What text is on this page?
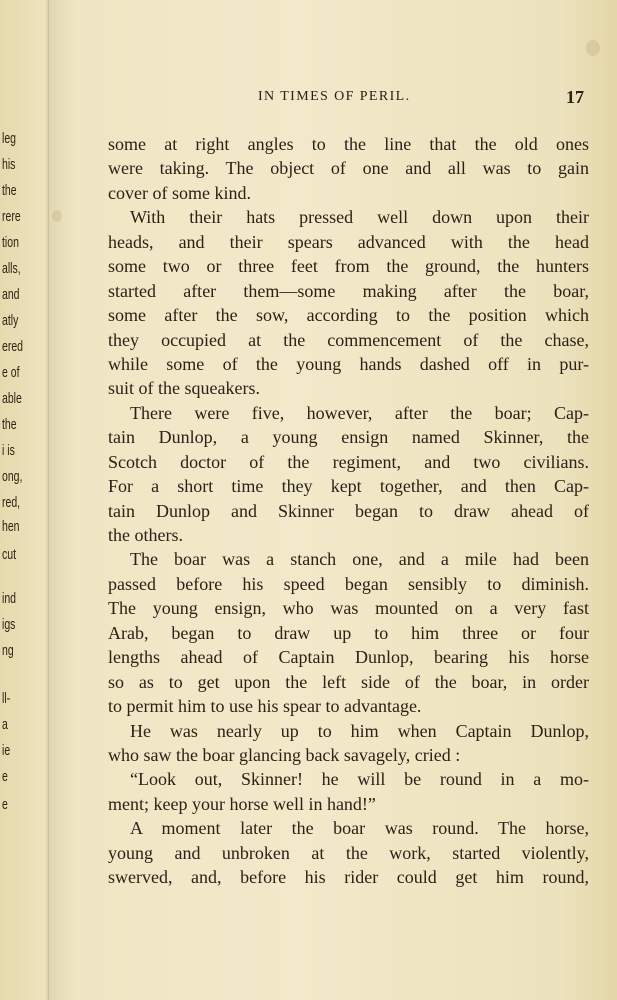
leg
his
the
rere
tion
alls,
and
atly
ered
e of
able
the
i is
ong,
red,
hen
cut
ind
igs
ng
ll-
a
ie
e
e
IN TIMES OF PERIL.	17
some at right angles to the line that the old ones
were taking. The object of one and all was to gain
cover of some kind.
With their hats pressed well down upon their
heads, and their spears advanced with the head
some two or three feet from the ground, the hunters
started after them—some making after the boar,
some after the sow, according to the position which
they occupied at the commencement of the chase,
while some of the young hands dashed off in pur-
suit of the squeakers.
There were five, however, after the boar; Cap-
tain Dunlop, a young ensign named Skinner, the
Scotch doctor of the regiment, and two civilians.
For a short time they kept together, and then Cap-
tain Dunlop and Skinner began to draw ahead of
the others.
The boar was a stanch one, and a mile had been
passed before his speed began sensibly to diminish.
The young ensign, who was mounted on a very fast
Arab, began to draw up to him three or four
lengths ahead of Captain Dunlop, bearing his horse
so as to get upon the left side of the boar, in order
to permit him to use his spear to advantage.
He was nearly up to him when Captain Dunlop,
who saw the boar glancing back savagely, cried :
“Look out, Skinner! he will be round in a mo-
ment; keep your horse well in hand!”
A moment later the boar was round. The horse,
young and unbroken at the work, started violently,
swerved, and, before his rider could get him round,
